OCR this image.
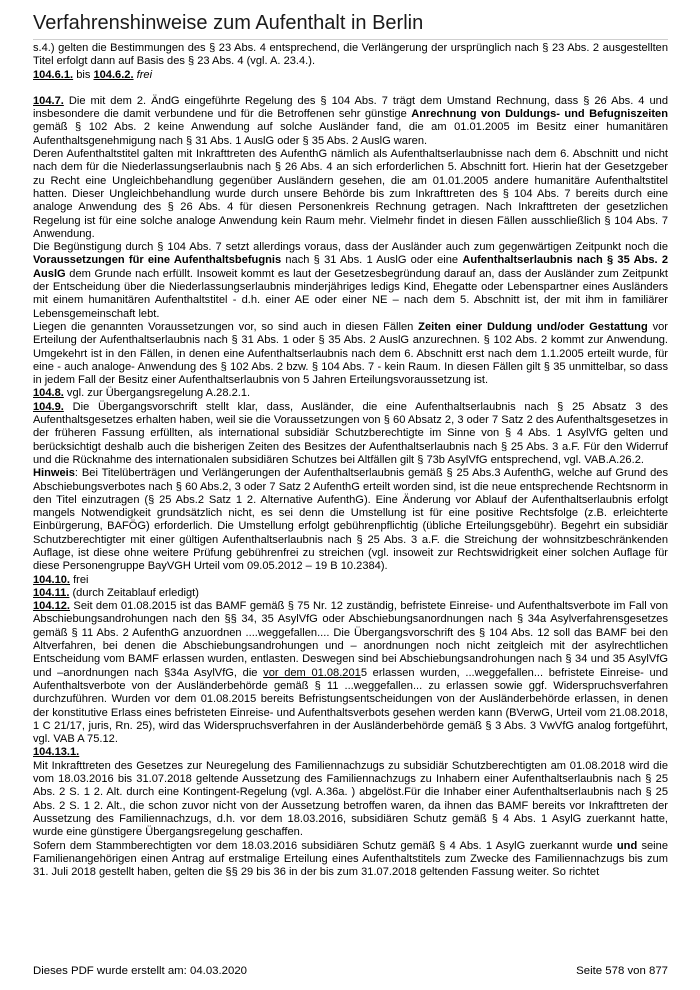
Verfahrenshinweise zum Aufenthalt in Berlin

s.4.) gelten die Bestimmungen des § 23 Abs. 4 entsprechend, die Verlängerung der ursprünglich nach § 23 Abs. 2 ausgestellten Titel erfolgt dann auf Basis des § 23 Abs. 4 (vgl. A. 23.4.).

104.6.1. bis 104.6.2. frei

104.7. Die mit dem 2. ÄndG eingeführte Regelung des § 104 Abs. 7 trägt dem Umstand Rechnung, dass § 26 Abs. 4 und insbesondere die damit verbundene und für die Betroffenen sehr günstige Anrechnung von Duldungs- und Befugniszeiten gemäß § 102 Abs. 2 keine Anwendung auf solche Ausländer fand, die am 01.01.2005 im Besitz einer humanitären Aufenthaltsgenehmigung nach § 31 Abs. 1 AuslG oder § 35 Abs. 2 AuslG waren.

Deren Aufenthaltstitel galten mit Inkrafttreten des AufenthG nämlich als Aufenthaltserlaubnisse nach dem 6. Abschnitt und nicht nach dem für die Niederlassungserlaubnis nach § 26 Abs. 4 an sich erforderlichen 5. Abschnitt fort. Hierin hat der Gesetzgeber zu Recht eine Ungleichbehandlung gegenüber Ausländern gesehen, die am 01.01.2005 andere humanitäre Aufenthaltstitel hatten. Dieser Ungleichbehandlung wurde durch unsere Behörde bis zum Inkrafttreten des § 104 Abs. 7 bereits durch eine analoge Anwendung des § 26 Abs. 4 für diesen Personenkreis Rechnung getragen. Nach Inkrafttreten der gesetzlichen Regelung ist für eine solche analoge Anwendung kein Raum mehr. Vielmehr findet in diesen Fällen ausschließlich § 104 Abs. 7 Anwendung.

Die Begünstigung durch § 104 Abs. 7 setzt allerdings voraus, dass der Ausländer auch zum gegenwärtigen Zeitpunkt noch die Voraussetzungen für eine Aufenthaltsbefugnis nach § 31 Abs. 1 AuslG oder eine Aufenthaltserlaubnis nach § 35 Abs. 2 AuslG dem Grunde nach erfüllt. Insoweit kommt es laut der Gesetzesbegründung darauf an, dass der Ausländer zum Zeitpunkt der Entscheidung über die Niederlassungserlaubnis minderjähriges ledigs Kind, Ehegatte oder Lebenspartner eines Ausländers mit einem humanitären Aufenthaltstitel - d.h. einer AE oder einer NE – nach dem 5. Abschnitt ist, der mit ihm in familiärer Lebensgemeinschaft lebt.

Liegen die genannten Voraussetzungen vor, so sind auch in diesen Fällen Zeiten einer Duldung und/oder Gestattung vor Erteilung der Aufenthaltserlaubnis nach § 31 Abs. 1 oder § 35 Abs. 2 AuslG anzurechnen. § 102 Abs. 2 kommt zur Anwendung. Umgekehrt ist in den Fällen, in denen eine Aufenthaltserlaubnis nach dem 6. Abschnitt erst nach dem 1.1.2005 erteilt wurde, für eine - auch analoge- Anwendung des § 102 Abs. 2 bzw. § 104 Abs. 7 - kein Raum. In diesen Fällen gilt § 35 unmittelbar, so dass in jedem Fall der Besitz einer Aufenthaltserlaubnis von 5 Jahren Erteilungsvoraussetzung ist.

104.8. vgl. zur Übergangsregelung A.28.2.1.

104.9. Die Übergangsvorschrift stellt klar, dass, Ausländer, die eine Aufenthaltserlaubnis nach § 25 Absatz 3 des Aufenthaltsgesetzes erhalten haben, weil sie die Voraussetzungen von § 60 Absatz 2, 3 oder 7 Satz 2 des Aufenthaltsgesetzes in der früheren Fassung erfüllten, als international subsidiär Schutzberechtigte im Sinne von § 4 Abs. 1 AsylVfG gelten und berücksichtigt deshalb auch die bisherigen Zeiten des Besitzes der Aufenthaltserlaubnis nach § 25 Abs. 3 a.F. Für den Widerruf und die Rücknahme des internationalen subsidiären Schutzes bei Altfällen gilt § 73b AsylVfG entsprechend, vgl. VAB.A.26.2.

Hinweis: Bei Titelüberträgen und Verlängerungen der Aufenthaltserlaubnis gemäß § 25 Abs.3 AufenthG, welche auf Grund des Abschiebungsverbotes nach § 60 Abs.2, 3 oder 7 Satz 2 AufenthG erteilt worden sind, ist die neue entsprechende Rechtsnorm in den Titel einzutragen (§ 25 Abs.2 Satz 1 2. Alternative AufenthG). Eine Änderung vor Ablauf der Aufenthaltserlaubnis erfolgt mangels Notwendigkeit grundsätzlich nicht, es sei denn die Umstellung ist für eine positive Rechtsfolge (z.B. erleichterte Einbürgerung, BAFÖG) erforderlich. Die Umstellung erfolgt gebührenpflichtig (übliche Erteilungsgebühr). Begehrt ein subsidiär Schutzberechtigter mit einer gültigen Aufenthaltserlaubnis nach § 25 Abs. 3 a.F. die Streichung der wohnsitzbeschränkenden Auflage, ist diese ohne weitere Prüfung gebührenfrei zu streichen (vgl. insoweit zur Rechtswidrigkeit einer solchen Auflage für diese Personengruppe BayVGH Urteil vom 09.05.2012 – 19 B 10.2384).

104.10. frei

104.11. (durch Zeitablauf erledigt)

104.12. Seit dem 01.08.2015 ist das BAMF gemäß § 75 Nr. 12 zuständig, befristete Einreise- und Aufenthaltsverbote im Fall von Abschiebungsandrohungen nach den §§ 34, 35 AsylVfG oder Abschiebungsanordnungen nach § 34a Asylverfahrensgesetzes gemäß § 11 Abs. 2 AufenthG anzuordnen ....weggefallen.... Die Übergangsvorschrift des § 104 Abs. 12 soll das BAMF bei den Altverfahren, bei denen die Abschiebungsandrohungen und – anordnungen noch nicht zeitgleich mit der asylrechtlichen Entscheidung vom BAMF erlassen wurden, entlasten. Deswegen sind bei Abschiebungsandrohungen nach § 34 und 35 AsylVfG und –anordnungen nach §34a AsylVfG, die vor dem 01.08.2015 erlassen wurden, ...weggefallen... befristete Einreise- und Aufenthaltsverbote von der Ausländerbehörde gemäß § 11 ...weggefallen... zu erlassen sowie ggf. Widerspruchsverfahren durchzuführen. Wurden vor dem 01.08.2015 bereits Befristungsentscheidungen von der Ausländerbehörde erlassen, in denen der konstitutive Erlass eines befristeten Einreise- und Aufenthaltsverbots gesehen werden kann (BVerwG, Urteil vom 21.08.2018, 1 C 21/17, juris, Rn. 25), wird das Widerspruchsverfahren in der Ausländerbehörde gemäß § 3 Abs. 3 VwVfG analog fortgeführt, vgl. VAB A 75.12.

104.13.1.

Mit Inkrafttreten des Gesetzes zur Neuregelung des Familiennachzugs zu subsidiär Schutzberechtigten am 01.08.2018 wird die vom 18.03.2016 bis 31.07.2018 geltende Aussetzung des Familiennachzugs zu Inhabern einer Aufenthaltserlaubnis nach § 25 Abs. 2 S. 1 2. Alt. durch eine Kontingent-Regelung (vgl. A.36a. ) abgelöst.Für die Inhaber einer Aufenthaltserlaubnis nach § 25 Abs. 2 S. 1 2. Alt., die schon zuvor nicht von der Aussetzung betroffen waren, da ihnen das BAMF bereits vor Inkrafttreten der Aussetzung des Familiennachzugs, d.h. vor dem 18.03.2016, subsidiären Schutz gemäß § 4 Abs. 1 AsylG zuerkannt hatte, wurde eine günstigere Übergangsregelung geschaffen.

Sofern dem Stammberechtigten vor dem 18.03.2016 subsidiären Schutz gemäß § 4 Abs. 1 AsylG zuerkannt wurde und seine Familienangehörigen einen Antrag auf erstmalige Erteilung eines Aufenthaltstitels zum Zwecke des Familiennachzugs bis zum 31. Juli 2018 gestellt haben, gelten die §§ 29 bis 36 in der bis zum 31.07.2018 geltenden Fassung weiter. So richtet

Dieses PDF wurde erstellt am: 04.03.2020	Seite 578 von 877
